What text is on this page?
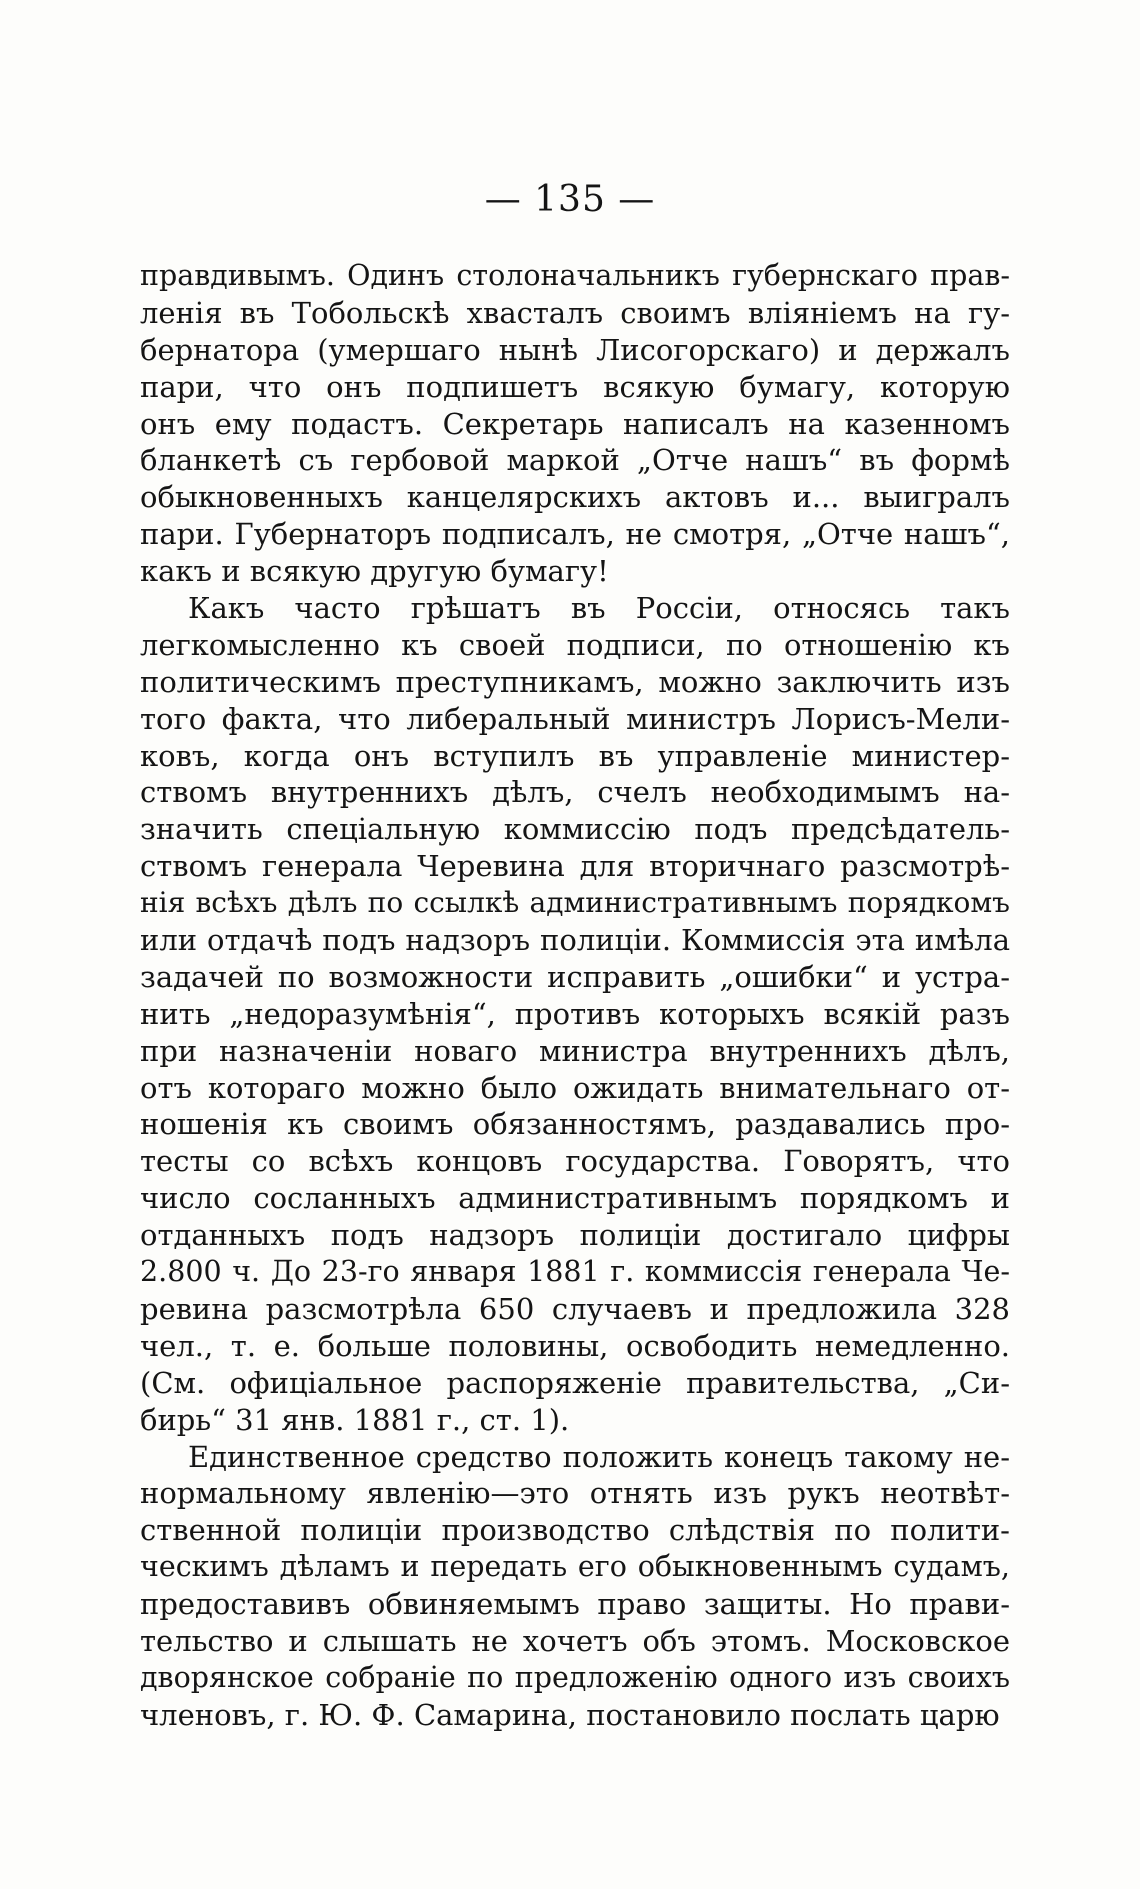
— 135 —
правдивымъ. Одинъ столоначальникъ губернскаго прав-
ленія въ Тобольскѣ хвасталъ своимъ вліяніемъ на гу-
бернатора (умершаго нынѣ Лисогорскаго) и держалъ
пари, что онъ подпишетъ всякую бумагу, которую
онъ ему подастъ. Секретарь написалъ на казенномъ
бланкетѣ съ гербовой маркой „Отче нашъ“ въ формѣ
обыкновенныхъ канцелярскихъ актовъ и... выигралъ
пари. Губернаторъ подписалъ, не смотря, „Отче нашъ“,
какъ и всякую другую бумагу!
Какъ часто грѣшатъ въ Россіи, относясь такъ
легкомысленно къ своей подписи, по отношенію къ
политическимъ преступникамъ, можно заключить изъ
того факта, что либеральный министръ Лорисъ-Мели-
ковъ, когда онъ вступилъ въ управленіе министер-
ствомъ внутреннихъ дѣлъ, счелъ необходимымъ на-
значить спеціальную коммиссію подъ предсѣдатель-
ствомъ генерала Черевина для вторичнаго разсмотрѣ-
нія всѣхъ дѣлъ по ссылкѣ административнымъ порядкомъ
или отдачѣ подъ надзоръ полиціи. Коммиссія эта имѣла
задачей по возможности исправить „ошибки“ и устра-
нить „недоразумѣнія“, противъ которыхъ всякій разъ
при назначеніи новаго министра внутреннихъ дѣлъ,
отъ котораго можно было ожидать внимательнаго от-
ношенія къ своимъ обязанностямъ, раздавались про-
тесты со всѣхъ концовъ государства. Говорятъ, что
число сосланныхъ административнымъ порядкомъ и
отданныхъ подъ надзоръ полиціи достигало цифры
2.800 ч. До 23-го января 1881 г. коммиссія генерала Че-
ревина разсмотрѣла 650 случаевъ и предложила 328
чел., т. е. больше половины, освободить немедленно.
(См. офиціальное распоряженіе правительства, „Си-
бирь“ 31 янв. 1881 г., ст. 1).
Единственное средство положить конецъ такому не-
нормальному явленію—это отнять изъ рукъ неотвѣт-
ственной полиціи производство слѣдствія по полити-
ческимъ дѣламъ и передать его обыкновеннымъ судамъ,
предоставивъ обвиняемымъ право защиты. Но прави-
тельство и слышать не хочетъ объ этомъ. Московское
дворянское собраніе по предложенію одного изъ своихъ
членовъ, г. Ю. Ф. Самарина, постановило послать царю
